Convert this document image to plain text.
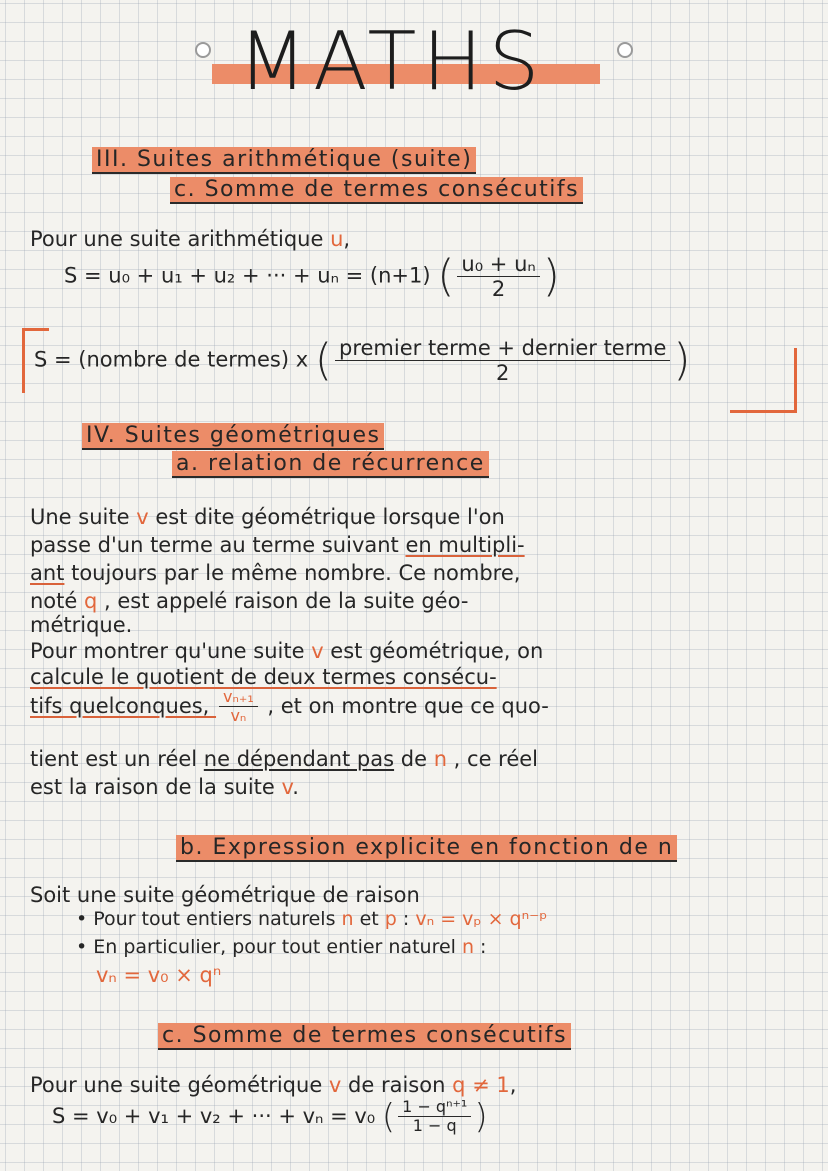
MATHS
III. Suites arithmétique (suite)
c. Somme de termes consécutifs
Pour une suite arithmétique u,
S = u₀ + u₁ + u₂ + ··· + uₙ = (n+1) ( $\frac{\text{u₀ + uₙ}}{2}$ )
S = (nombre de termes) x ( $\frac{\text{premier terme + dernier terme}}{2}$ )
IV. Suites géométriques
a. relation de récurrence
Une suite v est dite géométrique lorsque l'on
passe d'un terme au terme suivant en multipli-
ant toujours par le même nombre. Ce nombre,
noté q , est appelé raison de la suite géo-
métrique.
Pour montrer qu'une suite v est géométrique, on
calcule le quotient de deux termes consécu-
tifs quelconques, $\frac{\text{vₙ₊₁}}{\text{vₙ}}$ , et on montre que ce quo-
tient est un réel ne dépendant pas de n , ce réel
est la raison de la suite v.
b. Expression explicite en fonction de n
Soit une suite géométrique de raison
• Pour tout entiers naturels n et p : vₙ = vₚ × qⁿ⁻ᵖ
• En particulier, pour tout entier naturel n :
vₙ = v₀ × qⁿ
c. Somme de termes consécutifs
Pour une suite géométrique v de raison q ≠ 1,
S = v₀ + v₁ + v₂ + ··· + vₙ = v₀ ( $\frac{\text{1 − qⁿ⁺¹}}{1 - q}$ )
